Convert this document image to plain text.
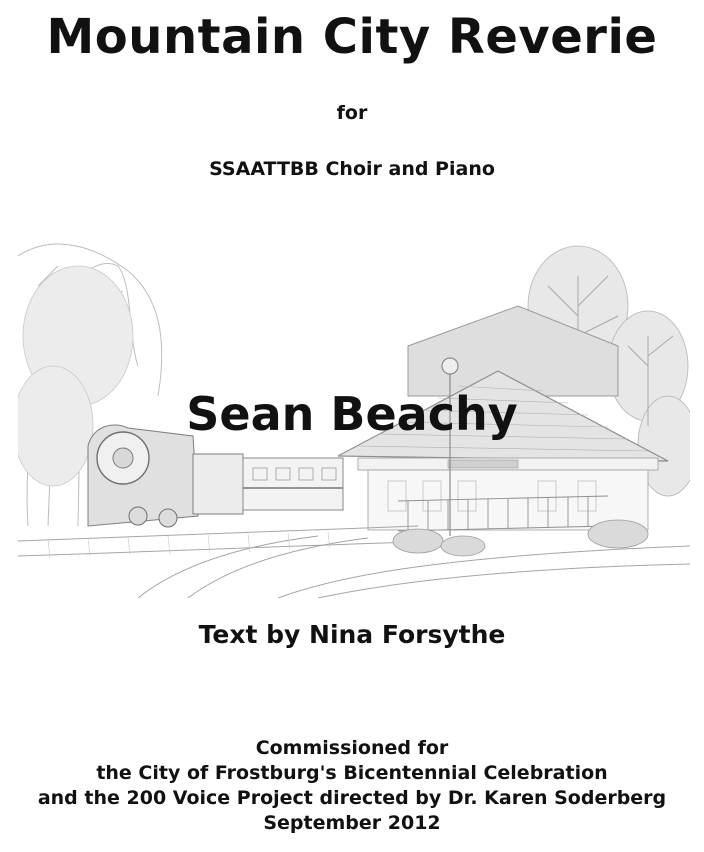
Mountain City Reverie
for
SSAATTBB Choir and Piano
Sean Beachy
Text by Nina Forsythe
Commissioned for
the City of Frostburg's Bicentennial Celebration
and the 200 Voice Project directed by Dr. Karen Soderberg
September 2012
